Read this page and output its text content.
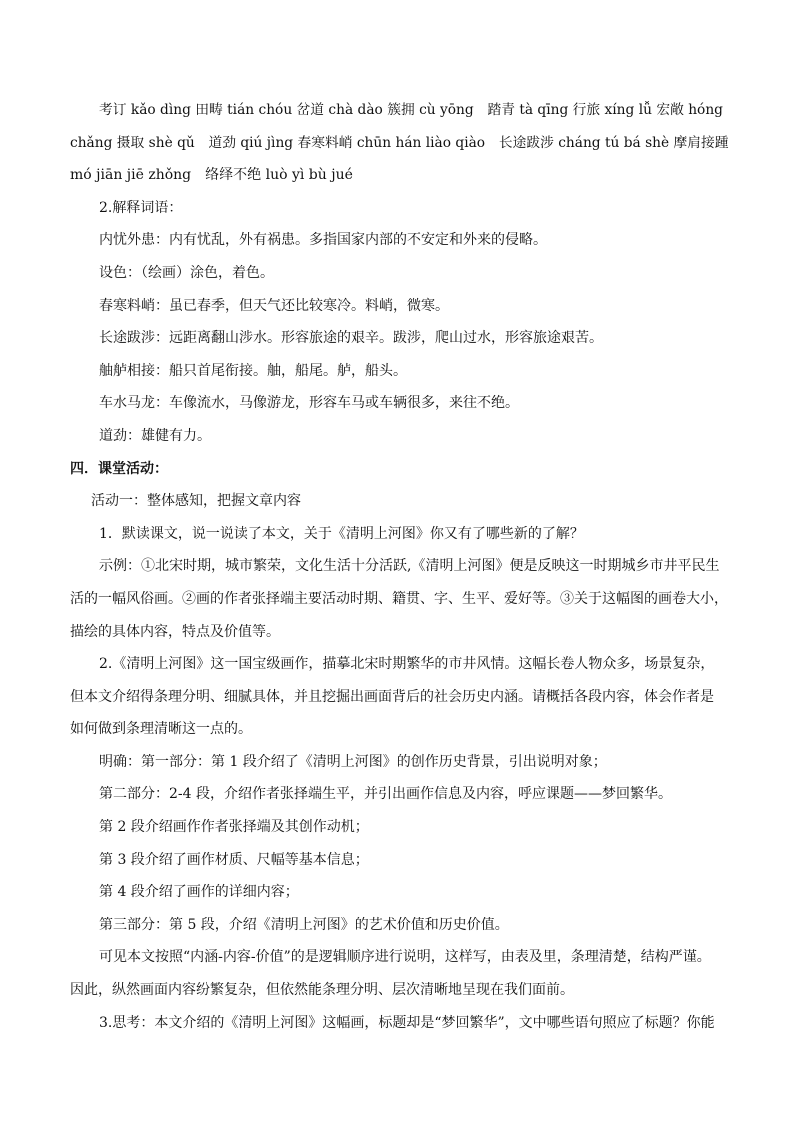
考订 kǎo dìng 田畴 tián chóu 岔道 chà dào 簇拥 cù yōng　踏青 tà qīng 行旅 xíng lǚ 宏敞 hóng
chǎng 摄取 shè qǔ　道劲 qiú jìng 春寒料峭 chūn hán liào qiào　长途跋涉 cháng tú bá shè 摩肩接踵
mó jiān jiē zhǒng　络绎不绝 luò yì bù jué
2.解释词语：
内忧外患：内有忧乱，外有祸患。多指国家内部的不安定和外来的侵略。
设色：（绘画）涂色，着色。
春寒料峭：虽已春季，但天气还比较寒冷。料峭，微寒。
长途跋涉：远距离翻山涉水。形容旅途的艰辛。跋涉，爬山过水，形容旅途艰苦。
舳舻相接：船只首尾衔接。舳，船尾。舻，船头。
车水马龙：车像流水，马像游龙，形容车马或车辆很多，来往不绝。
道劲：雄健有力。
四．课堂活动：
活动一：整体感知，把握文章内容
1．默读课文，说一说读了本文，关于《清明上河图》你又有了哪些新的了解？
示例：①北宋时期，城市繁荣，文化生活十分活跃,《清明上河图》便是反映这一时期城乡市井平民生
活的一幅风俗画。②画的作者张择端主要活动时期、籍贯、字、生平、爱好等。③关于这幅图的画卷大小，
描绘的具体内容，特点及价值等。
2.《清明上河图》这一国宝级画作，描摹北宋时期繁华的市井风情。这幅长卷人物众多，场景复杂，
但本文介绍得条理分明、细腻具体，并且挖掘出画面背后的社会历史内涵。请概括各段内容，体会作者是
如何做到条理清晰这一点的。
明确：第一部分：第 1 段介绍了《清明上河图》的创作历史背景，引出说明对象；
第二部分：2-4 段，介绍作者张择端生平，并引出画作信息及内容，呼应课题——梦回繁华。
第 2 段介绍画作作者张择端及其创作动机；
第 3 段介绍了画作材质、尺幅等基本信息；
第 4 段介绍了画作的详细内容；
第三部分：第 5 段，介绍《清明上河图》的艺术价值和历史价值。
可见本文按照“内涵-内容-价值”的是逻辑顺序进行说明，这样写，由表及里，条理清楚，结构严谨。
因此，纵然画面内容纷繁复杂，但依然能条理分明、层次清晰地呈现在我们面前。
3.思考：本文介绍的《清明上河图》这幅画，标题却是“梦回繁华”，文中哪些语句照应了标题？你能
